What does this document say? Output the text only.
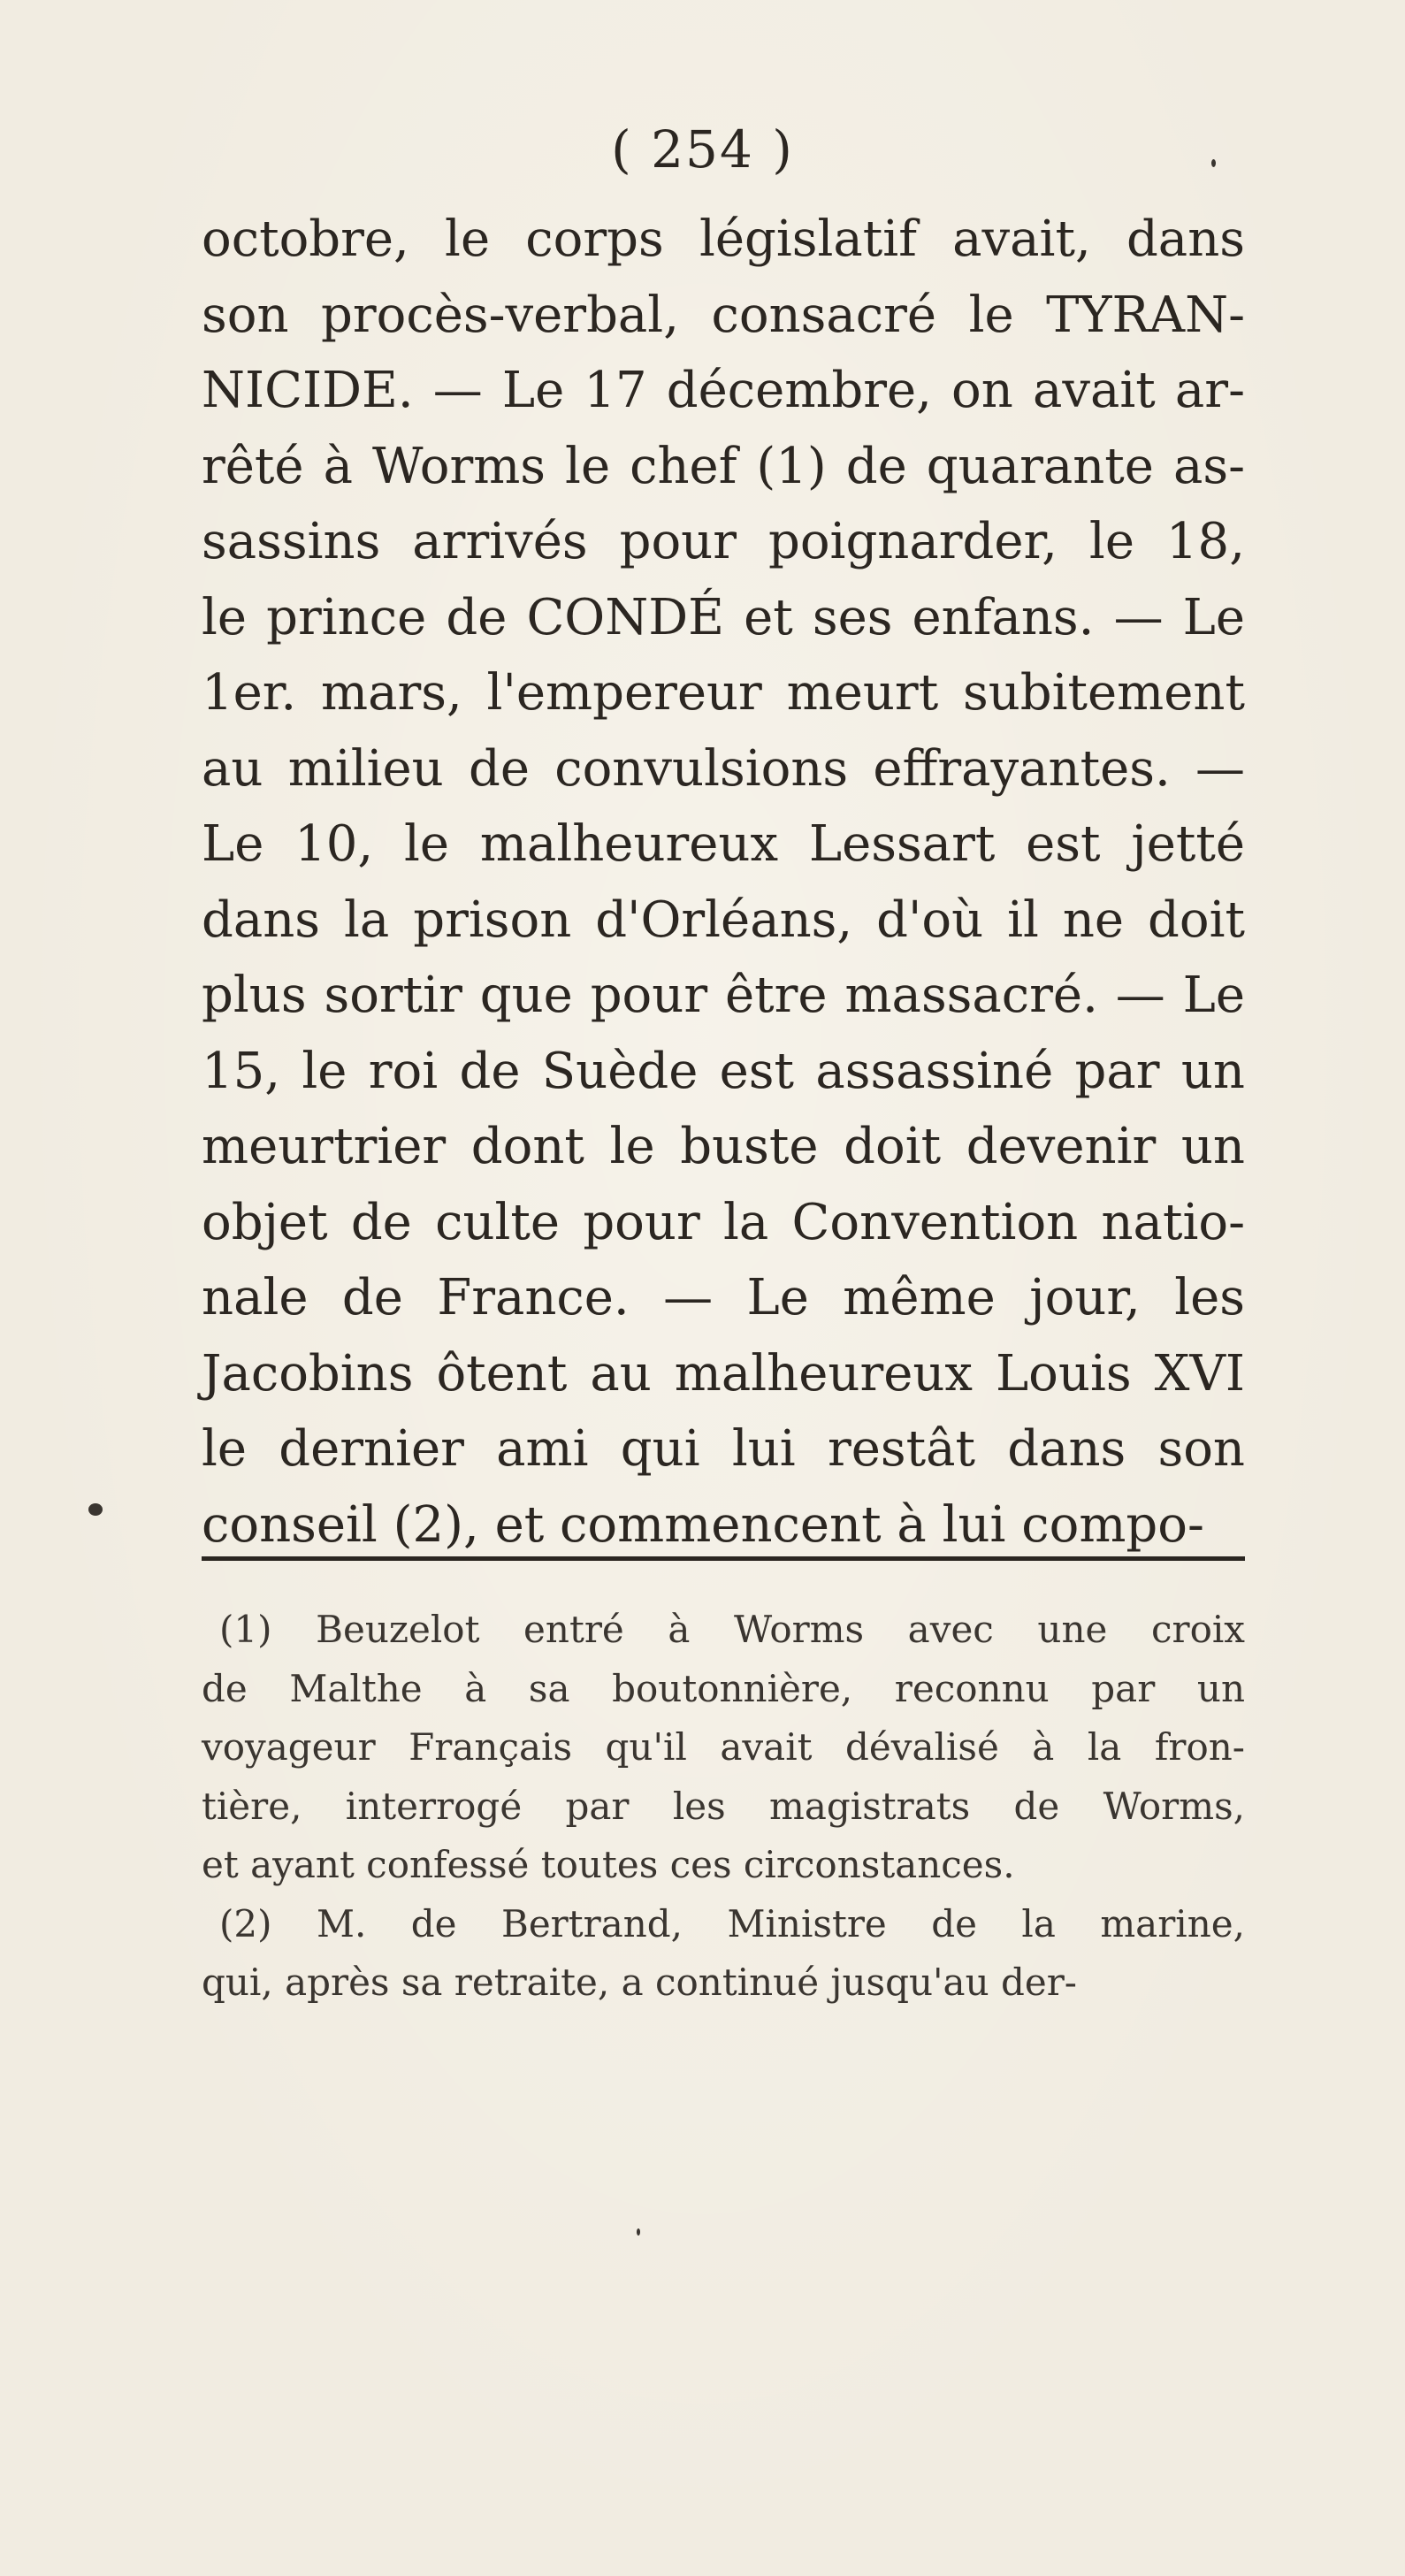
( 254 )
octobre, le corps législatif avait, dans
son procès-verbal, consacré le TYRAN-
NICIDE. — Le 17 décembre, on avait ar-
rêté à Worms le chef (1) de quarante as-
sassins arrivés pour poignarder, le 18,
le prince de CONDÉ et ses enfans. — Le
1er. mars, l'empereur meurt subitement
au milieu de convulsions effrayantes. —
Le 10, le malheureux Lessart est jetté
dans la prison d'Orléans, d'où il ne doit
plus sortir que pour être massacré. — Le
15, le roi de Suède est assassiné par un
meurtrier dont le buste doit devenir un
objet de culte pour la Convention natio-
nale de France. — Le même jour, les
Jacobins ôtent au malheureux Louis XVI
le dernier ami qui lui restât dans son
conseil (2), et commencent à lui compo-
(1) Beuzelot entré à Worms avec une croix
de Malthe à sa boutonnière, reconnu par un
voyageur Français qu'il avait dévalisé à la fron-
tière, interrogé par les magistrats de Worms,
et ayant confessé toutes ces circonstances.
(2) M. de Bertrand, Ministre de la marine,
qui, après sa retraite, a continué jusqu'au der-
